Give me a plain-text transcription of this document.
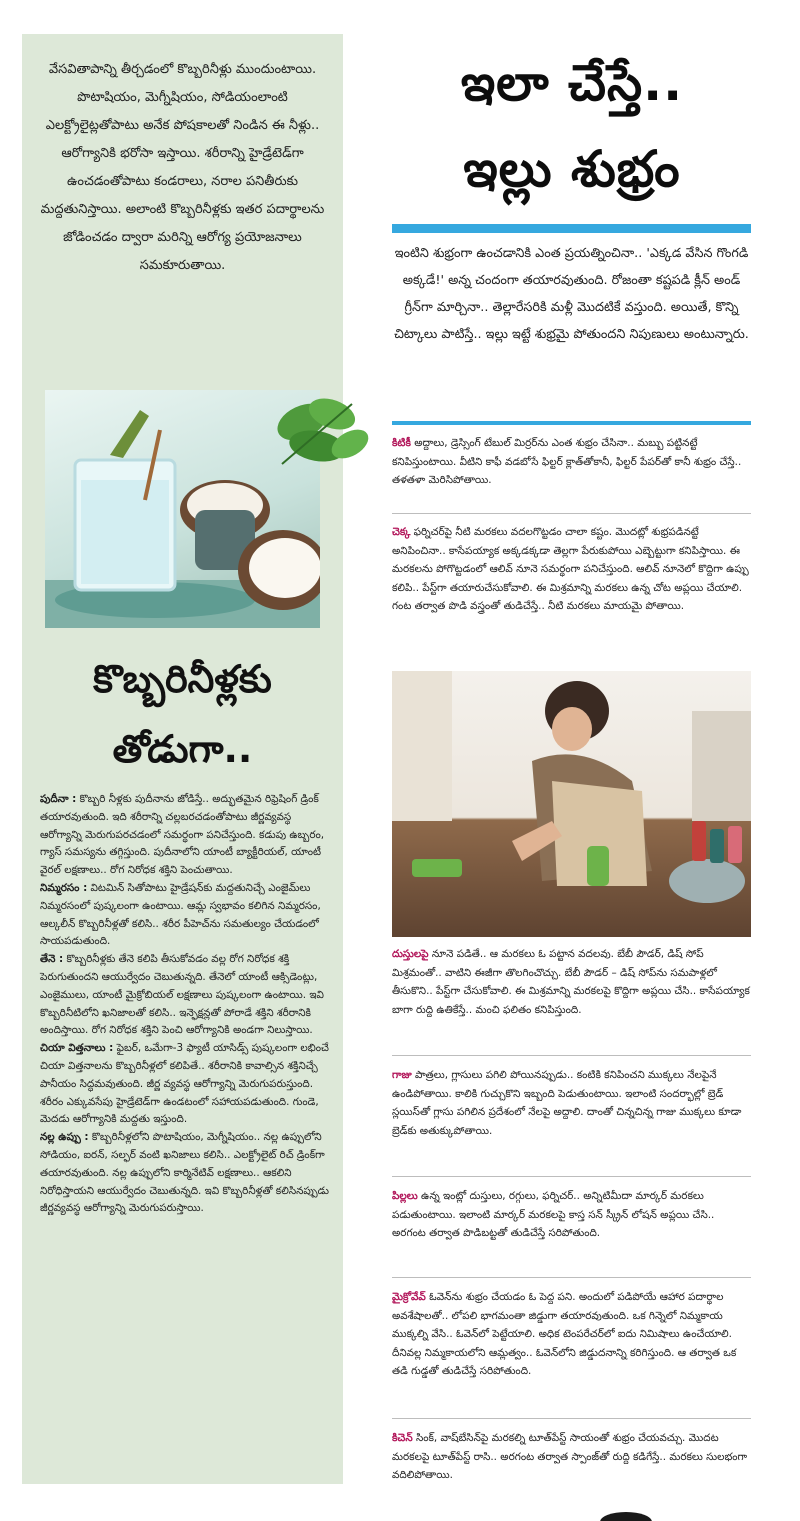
వేసవితాపాన్ని తీర్చడంలో కొబ్బరినీళ్లు ముందుంటాయి. పొటాషియం, మెగ్నీషియం, సోడియంలాంటి ఎలక్ట్రోలైట్లతోపాటు అనేక పోషకాలతో నిండిన ఈ నీళ్లు.. ఆరోగ్యానికి భరోసా ఇస్తాయి. శరీరాన్ని హైడ్రేటెడ్‌గా ఉంచడంతోపాటు కండరాలు, నరాల పనితీరుకు మద్దతునిస్తాయి. అలాంటి కొబ్బరినీళ్లకు ఇతర పదార్థాలను జోడించడం ద్వారా మరిన్ని ఆరోగ్య ప్రయోజనాలు సమకూరుతాయి.

కొబ్బరినీళ్లకు
తోడుగా..

పుదీనా : కొబ్బరి నీళ్లకు పుదీనాను జోడిస్తే.. అద్భుతమైన రిఫ్రెషింగ్ డ్రింక్ తయారవుతుంది. ఇది శరీరాన్ని చల్లబరచడంతోపాటు జీర్ణవ్యవస్థ ఆరోగ్యాన్ని మెరుగుపరచడంలో సమర్థంగా పనిచేస్తుంది. కడుపు ఉబ్బరం, గ్యాస్ సమస్యను తగ్గిస్తుంది. పుదీనాలోని యాంటీ బ్యాక్టీరియల్, యాంటీ వైరల్ లక్షణాలు.. రోగ నిరోధక శక్తిని పెంచుతాయి.

నిమ్మరసం : విటమిన్ సితోపాటు హైడ్రేషన్‌కు మద్దతునిచ్చే ఎంజైమ్‌లు నిమ్మరసంలో పుష్కలంగా ఉంటాయి. ఆమ్ల స్వభావం కలిగిన నిమ్మరసం, ఆల్కలీన్ కొబ్బరినీళ్లతో కలిసి.. శరీర పీహెచ్‌ను సమతుల్యం చేయడంలో సాయపడుతుంది.

తేనె : కొబ్బరినీళ్లకు తేనె కలిపి తీసుకోవడం వల్ల రోగ నిరోధక శక్తి పెరుగుతుందని ఆయుర్వేదం చెబుతున్నది. తేనెలో యాంటీ ఆక్సిడెంట్లు, ఎంజైములు, యాంటీ మైక్రోబియల్ లక్షణాలు పుష్కలంగా ఉంటాయి. ఇవి కొబ్బరినీటిలోని ఖనిజాలతో కలిసి.. ఇన్ఫెక్షన్లతో పోరాడే శక్తిని శరీరానికి అందిస్తాయి. రోగ నిరోధక శక్తిని పెంచి ఆరోగ్యానికి అండగా నిలుస్తాయి.

చియా విత్తనాలు : ఫైబర్, ఒమేగా-3 ఫ్యాటీ యాసిడ్స్ పుష్కలంగా లభించే చియా విత్తనాలను కొబ్బరినీళ్లలో కలిపితే.. శరీరానికి కావాల్సిన శక్తినిచ్చే పానీయం సిద్ధమవుతుంది. జీర్ణ వ్యవస్థ ఆరోగ్యాన్ని మెరుగుపరుస్తుంది. శరీరం ఎక్కువసేపు హైడ్రేటెడ్‌గా ఉండటంలో సహాయపడుతుంది. గుండె, మెదడు ఆరోగ్యానికి మద్దతు ఇస్తుంది.

నల్ల ఉప్పు : కొబ్బరినీళ్లలోని పొటాషియం, మెగ్నీషియం.. నల్ల ఉప్పులోని సోడియం, ఐరన్, సల్ఫర్ వంటి ఖనిజాలు కలిసి.. ఎలక్ట్రోలైట్ రిచ్ డ్రింక్‌గా తయారవుతుంది. నల్ల ఉప్పులోని కార్మినేటివ్ లక్షణాలు.. ఆకలిని నిరోధిస్తాయని ఆయుర్వేదం చెబుతున్నది. ఇవి కొబ్బరినీళ్లతో కలిసినప్పుడు జీర్ణవ్యవస్థ ఆరోగ్యాన్ని మెరుగుపరుస్తాయి.

ఇలా చేస్తే..
ఇల్లు శుభ్రం

ఇంటిని శుభ్రంగా ఉంచడానికి ఎంత ప్రయత్నించినా.. 'ఎక్కడ వేసిన గొంగడి అక్కడే!' అన్న చందంగా తయారవుతుంది. రోజంతా కష్టపడి క్లీన్ అండ్ గ్రీన్‌గా మార్చినా.. తెల్లారేసరికి మళ్లీ మొదటికే వస్తుంది. అయితే, కొన్ని చిట్కాలు పాటిస్తే.. ఇల్లు ఇట్టే శుభ్రమై పోతుందని నిపుణులు అంటున్నారు.

కిటికీ అద్దాలు, డ్రెస్సింగ్ టేబుల్ మిర్రర్‌ను ఎంత శుభ్రం చేసినా.. మబ్బు పట్టినట్టే కనిపిస్తుంటాయి. వీటిని కాఫీ వడబోసే ఫిల్టర్ క్లాత్‌తోకానీ, ఫిల్టర్ పేపర్‌తో కానీ శుభ్రం చేస్తే.. తళతళా మెరిసిపోతాయి.

చెక్క ఫర్నిచర్‌పై నీటి మరకలు వదలగొట్టడం చాలా కష్టం. మొదట్లో శుభ్రపడినట్టే అనిపించినా.. కాసేపయ్యాక అక్కడక్కడా తెల్లగా పేరుకుపోయి ఎబ్బెట్టుగా కనిపిస్తాయి. ఈ మరకలను పోగొట్టడంలో ఆలివ్ నూనె సమర్థంగా పనిచేస్తుంది. ఆలివ్ నూనెలో కొద్దిగా ఉప్పు కలిపి.. పేస్ట్‌గా తయారుచేసుకోవాలి. ఈ మిశ్రమాన్ని మరకలు ఉన్న చోట అప్లయి చేయాలి. గంట తర్వాత పొడి వస్త్రంతో తుడిచేస్తే.. నీటి మరకలు మాయమై పోతాయి.

దుస్తులపై నూనె పడితే.. ఆ మరకలు ఓ పట్టాన వదలవు. బేబీ పౌడర్, డిష్ సోప్ మిశ్రమంతో.. వాటిని ఈజీగా తొలగించొచ్చు. బేబీ పౌడర్ – డిష్ సోప్‌ను సమపాళ్లలో తీసుకొని.. పేస్ట్‌గా చేసుకోవాలి. ఈ మిశ్రమాన్ని మరకలపై కొద్దిగా అప్లయి చేసి.. కాసేపయ్యాక బాగా రుద్ది ఉతికేస్తే.. మంచి ఫలితం కనిపిస్తుంది.

గాజు పాత్రలు, గ్లాసులు పగిలి పోయినప్పుడు.. కంటికి కనిపించని ముక్కలు నేలపైనే ఉండిపోతాయి. కాలికి గుచ్చుకొని ఇబ్బంది పెడుతుంటాయి. ఇలాంటి సందర్భాల్లో బ్రెడ్ స్లయిస్‌తో గ్లాసు పగిలిన ప్రదేశంలో నేలపై అద్దాలి. దాంతో చిన్నచిన్న గాజు ముక్కలు కూడా బ్రెడ్‌కు అతుక్కుపోతాయి.

పిల్లలు ఉన్న ఇంట్లో దుస్తులు, రగ్గులు, ఫర్నిచర్.. అన్నిటిమీదా మార్కర్ మరకలు పడుతుంటాయి. ఇలాంటి మార్కర్ మరకలపై కాస్త సన్ స్క్రీన్ లోషన్ అప్లయి చేసి.. అరగంట తర్వాత పొడిబట్టతో తుడిచేస్తే సరిపోతుంది.

మైక్రోవేవ్ ఓవెన్‌ను శుభ్రం చేయడం ఓ పెద్ద పని. అందులో పడిపోయే ఆహార పదార్థాల అవశేషాలతో.. లోపలి భాగమంతా జిడ్డుగా తయారవుతుంది. ఒక గిన్నెలో నిమ్మకాయ ముక్కల్ని వేసి.. ఓవెన్‌లో పెట్టేయాలి. అధిక టెంపరేచర్‌లో ఐదు నిమిషాలు ఉంచేయాలి. దీనివల్ల నిమ్మకాయలోని ఆమ్లత్వం.. ఓవెన్‌లోని జిడ్డుదనాన్ని కరిగిస్తుంది. ఆ తర్వాత ఒక తడి గుడ్డతో తుడిచేస్తే సరిపోతుంది.

కిచెన్ సింక్, వాష్‌బేసిన్‌పై మరకల్ని టూత్‌పేస్ట్ సాయంతో శుభ్రం చేయవచ్చు. మొదట మరకలపై టూత్‌పేస్ట్ రాసి.. అరగంట తర్వాత స్పాంజ్‌తో రుద్ది కడిగేస్తే.. మరకలు సులభంగా వదిలిపోతాయి.
